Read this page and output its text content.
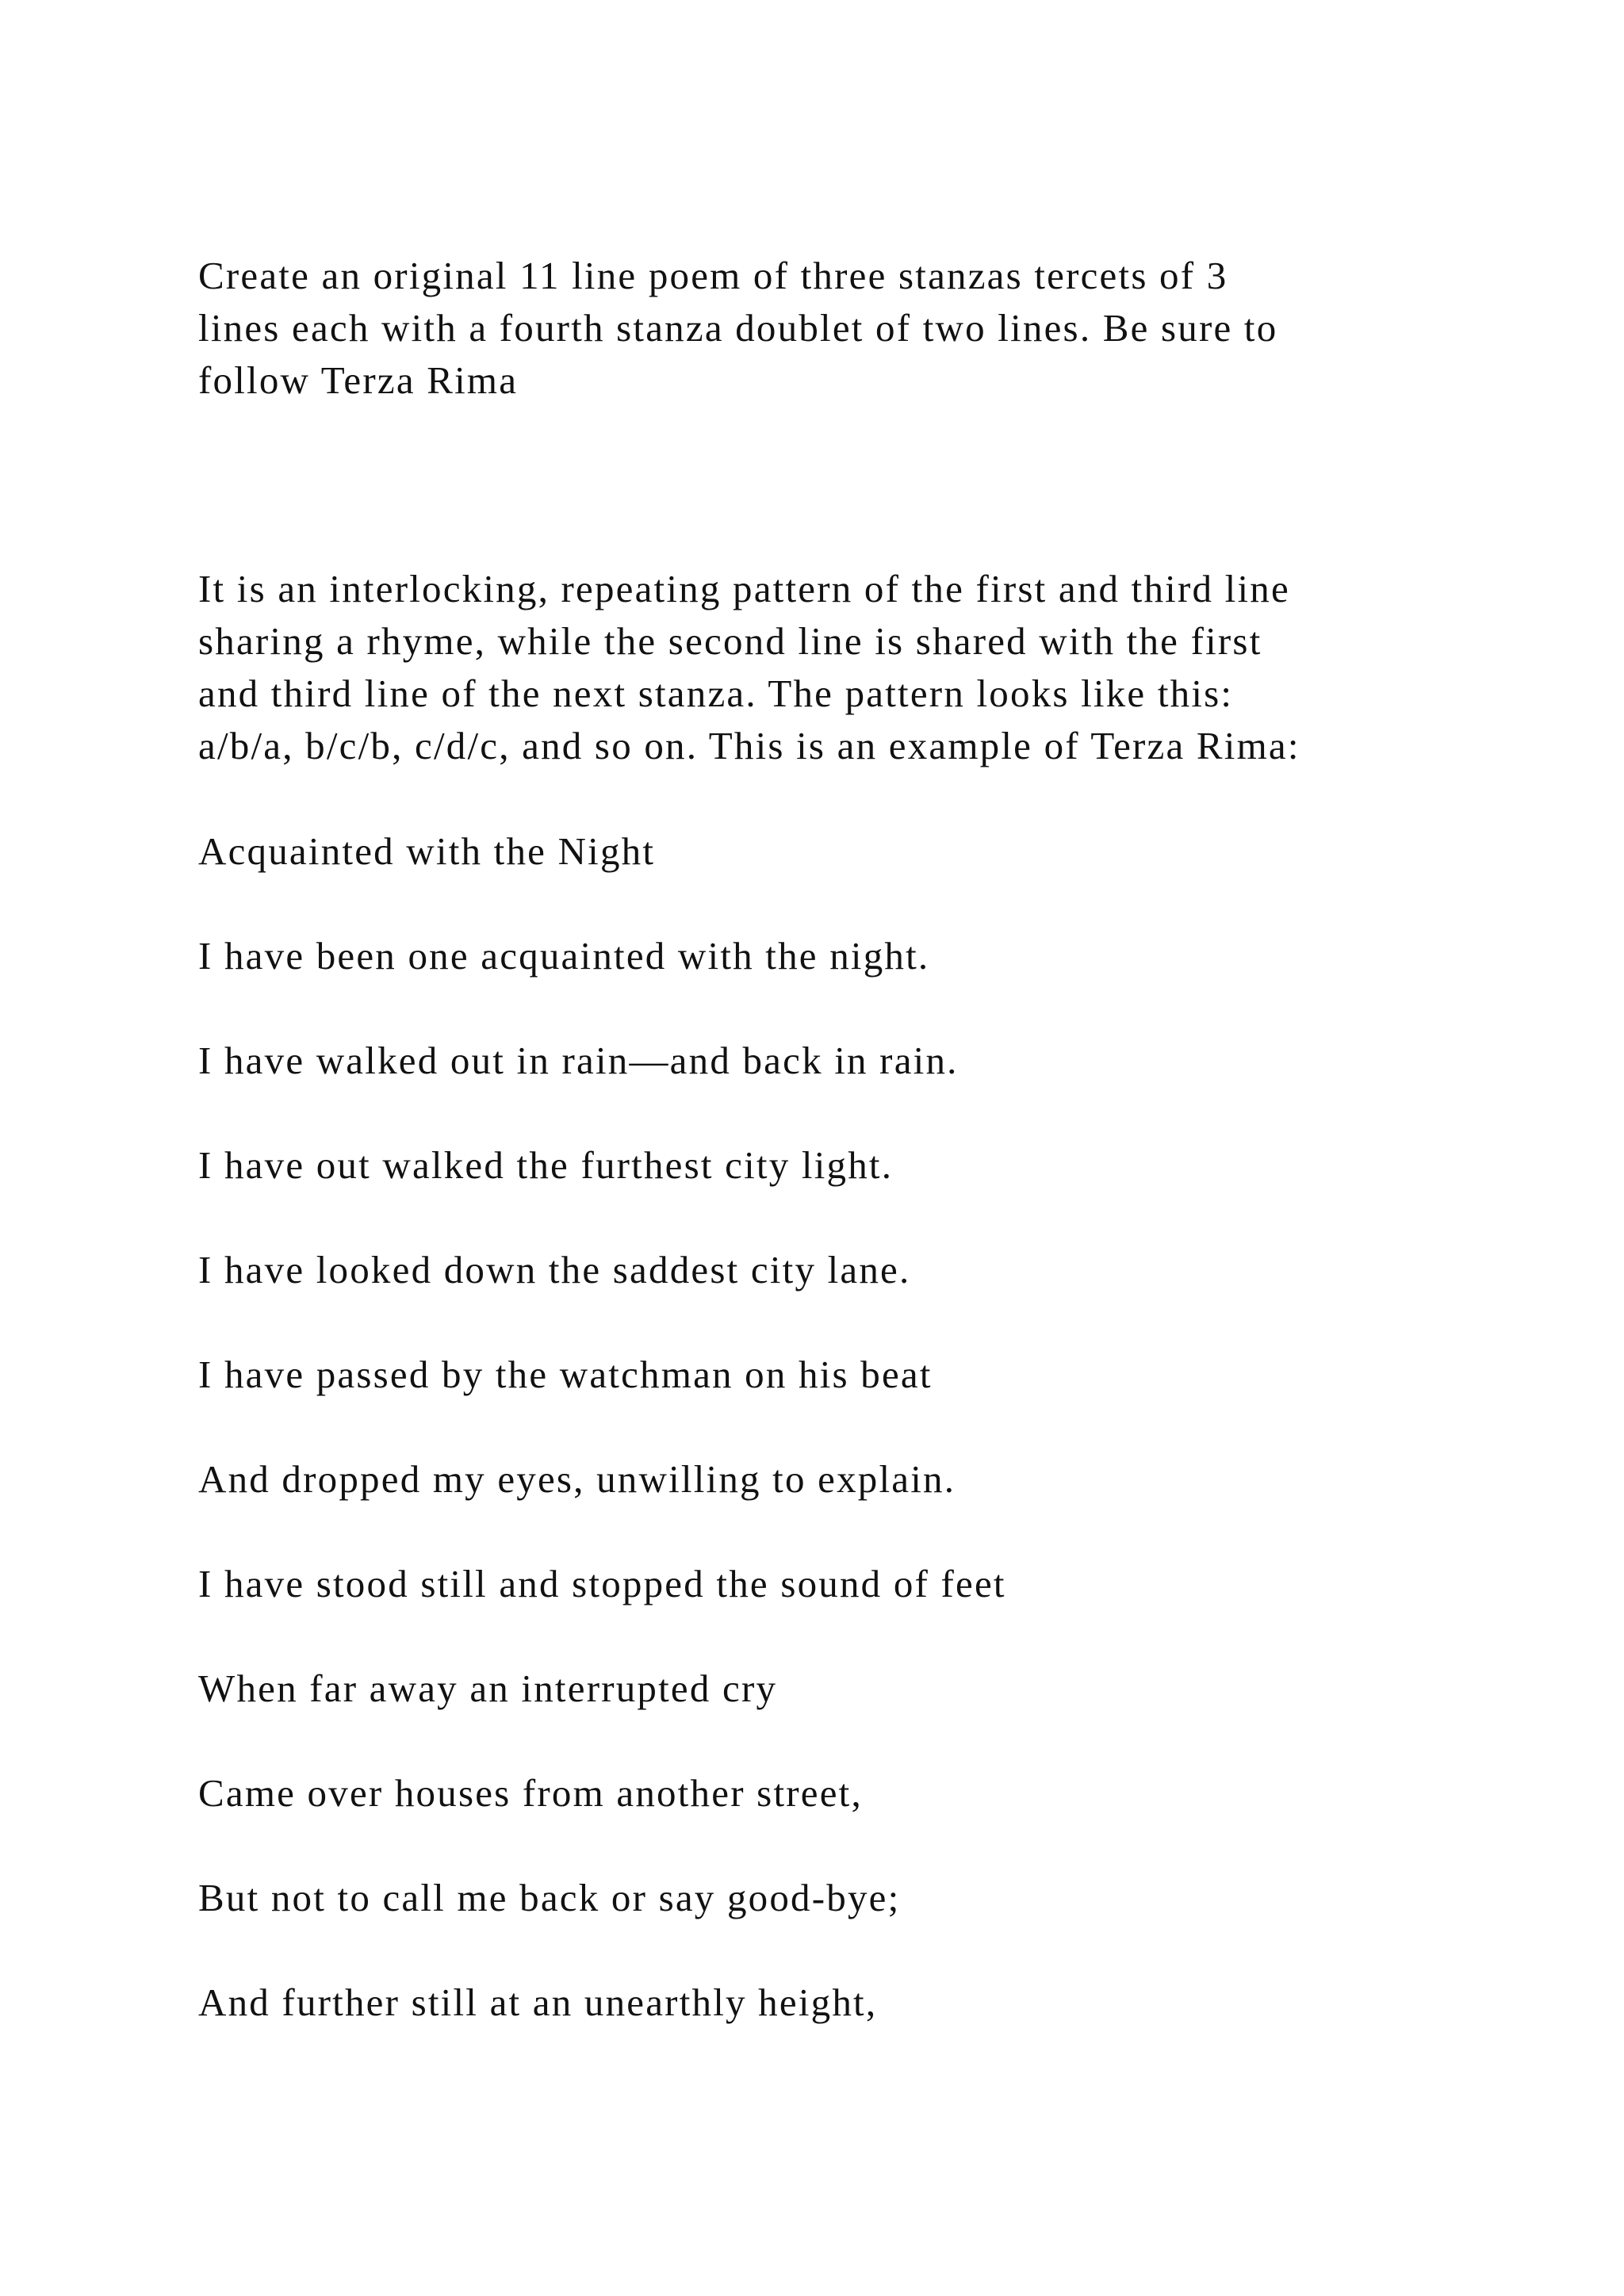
Create an original 11 line poem of three stanzas tercets of 3
lines each with a fourth stanza doublet of two lines. Be sure to
follow Terza Rima
It is an interlocking, repeating pattern of the first and third line
sharing a rhyme, while the second line is shared with the first
and third line of the next stanza. The pattern looks like this:
a/b/a, b/c/b, c/d/c, and so on. This is an example of Terza Rima:
Acquainted with the Night
I have been one acquainted with the night.
I have walked out in rain—and back in rain.
I have out walked the furthest city light.
I have looked down the saddest city lane.
I have passed by the watchman on his beat
And dropped my eyes, unwilling to explain.
I have stood still and stopped the sound of feet
When far away an interrupted cry
Came over houses from another street,
But not to call me back or say good-bye;
And further still at an unearthly height,
